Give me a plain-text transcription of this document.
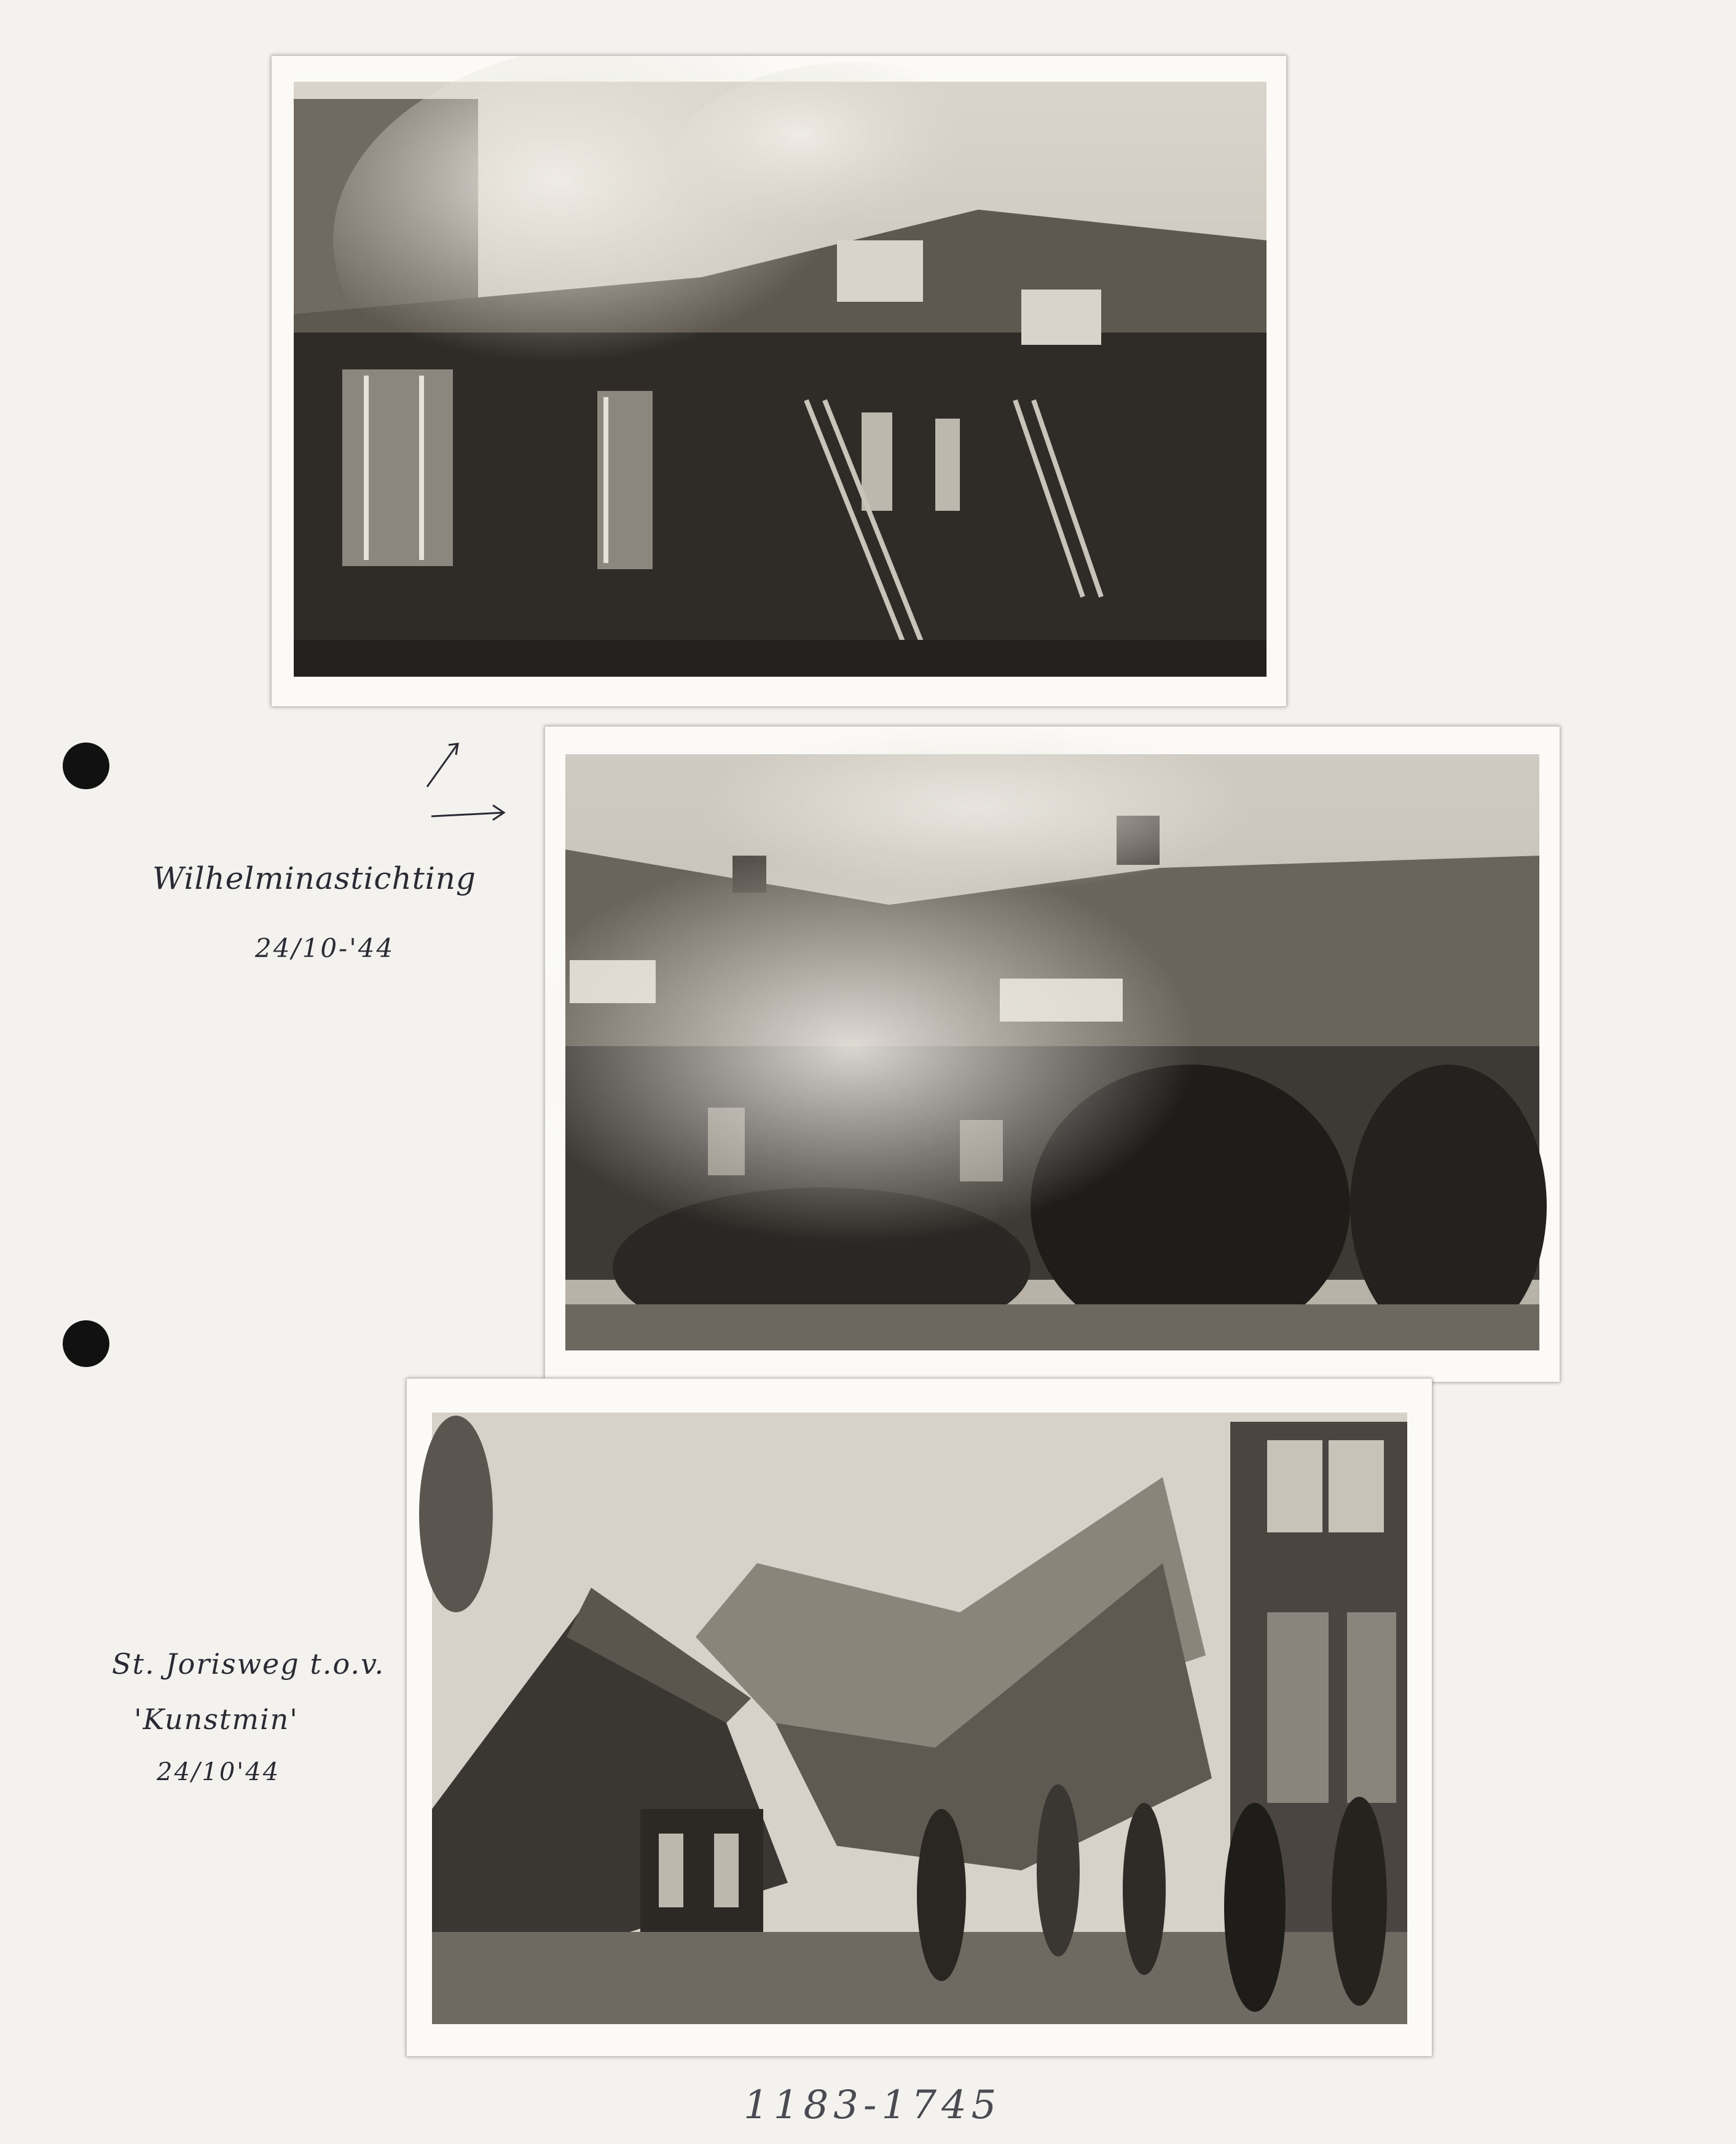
Wilhelminastichting
24/10-'44
St. Jorisweg t.o.v.
'Kunstmin'
24/10'44
1183-1745
